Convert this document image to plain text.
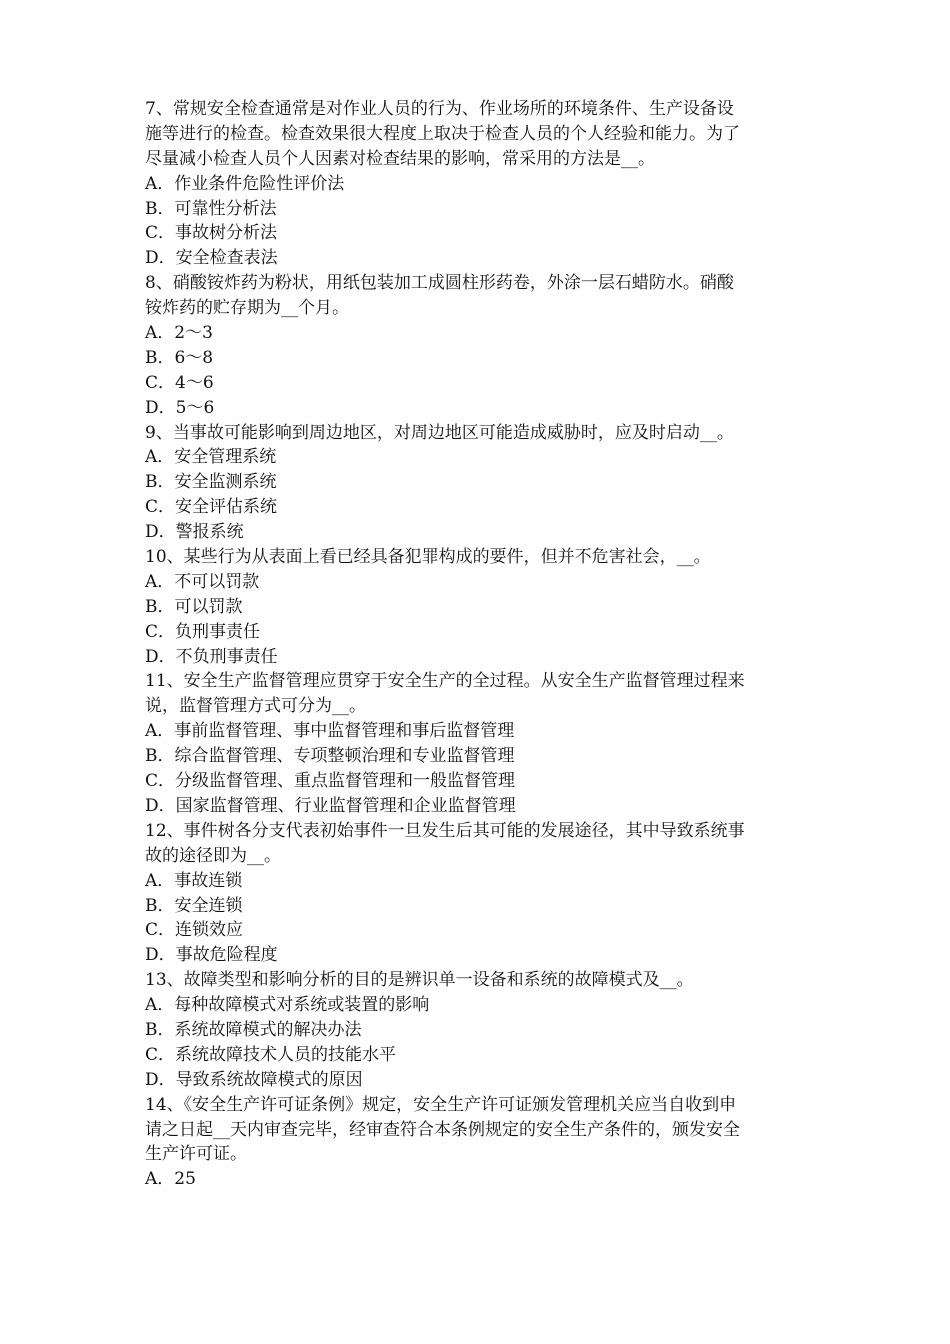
7、常规安全检查通常是对作业人员的行为、作业场所的环境条件、生产设备设
施等进行的检查。检查效果很大程度上取决于检查人员的个人经验和能力。为了
尽量减小检查人员个人因素对检查结果的影响，常采用的方法是__。
A．作业条件危险性评价法
B．可靠性分析法
C．事故树分析法
D．安全检查表法
8、硝酸铵炸药为粉状，用纸包装加工成圆柱形药卷，外涂一层石蜡防水。硝酸
铵炸药的贮存期为__个月。
A．2～3
B．6～8
C．4～6
D．5～6
9、当事故可能影响到周边地区，对周边地区可能造成威胁时，应及时启动__。
A．安全管理系统
B．安全监测系统
C．安全评估系统
D．警报系统
10、某些行为从表面上看已经具备犯罪构成的要件，但并不危害社会，__。
A．不可以罚款
B．可以罚款
C．负刑事责任
D．不负刑事责任
11、安全生产监督管理应贯穿于安全生产的全过程。从安全生产监督管理过程来
说，监督管理方式可分为__。
A．事前监督管理、事中监督管理和事后监督管理
B．综合监督管理、专项整顿治理和专业监督管理
C．分级监督管理、重点监督管理和一般监督管理
D．国家监督管理、行业监督管理和企业监督管理
12、事件树各分支代表初始事件一旦发生后其可能的发展途径，其中导致系统事
故的途径即为__。
A．事故连锁
B．安全连锁
C．连锁效应
D．事故危险程度
13、故障类型和影响分析的目的是辨识单一设备和系统的故障模式及__。
A．每种故障模式对系统或装置的影响
B．系统故障模式的解决办法
C．系统故障技术人员的技能水平
D．导致系统故障模式的原因
14、《安全生产许可证条例》规定，安全生产许可证颁发管理机关应当自收到申
请之日起__天内审查完毕，经审查符合本条例规定的安全生产条件的，颁发安全
生产许可证。
A．25
